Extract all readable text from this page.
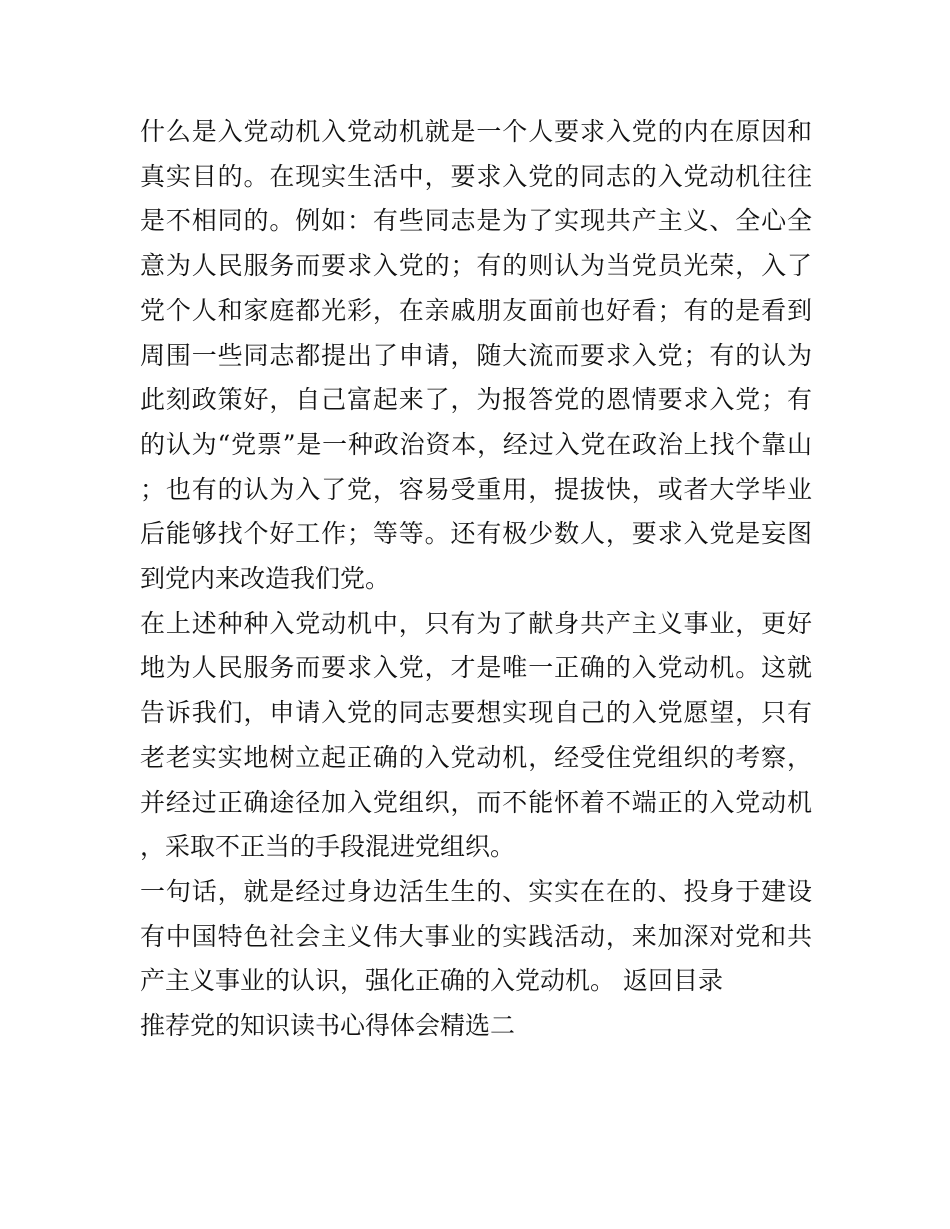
什么是入党动机入党动机就是一个人要求入党的内在原因和真实目的。在现实生活中，要求入党的同志的入党动机往往是不相同的。例如：有些同志是为了实现共产主义、全心全意为人民服务而要求入党的；有的则认为当党员光荣，入了党个人和家庭都光彩，在亲戚朋友面前也好看；有的是看到周围一些同志都提出了申请，随大流而要求入党；有的认为此刻政策好，自己富起来了，为报答党的恩情要求入党；有的认为“党票”是一种政治资本，经过入党在政治上找个靠山；也有的认为入了党，容易受重用，提拔快，或者大学毕业后能够找个好工作；等等。还有极少数人，要求入党是妄图到党内来改造我们党。

在上述种种入党动机中，只有为了献身共产主义事业，更好地为人民服务而要求入党，才是唯一正确的入党动机。这就告诉我们，申请入党的同志要想实现自己的入党愿望，只有老老实实地树立起正确的入党动机，经受住党组织的考察，并经过正确途径加入党组织，而不能怀着不端正的入党动机，采取不正当的手段混进党组织。

一句话，就是经过身边活生生的、实实在在的、投身于建设有中国特色社会主义伟大事业的实践活动，来加深对党和共产主义事业的认识，强化正确的入党动机。 返回目录

推荐党的知识读书心得体会精选二
